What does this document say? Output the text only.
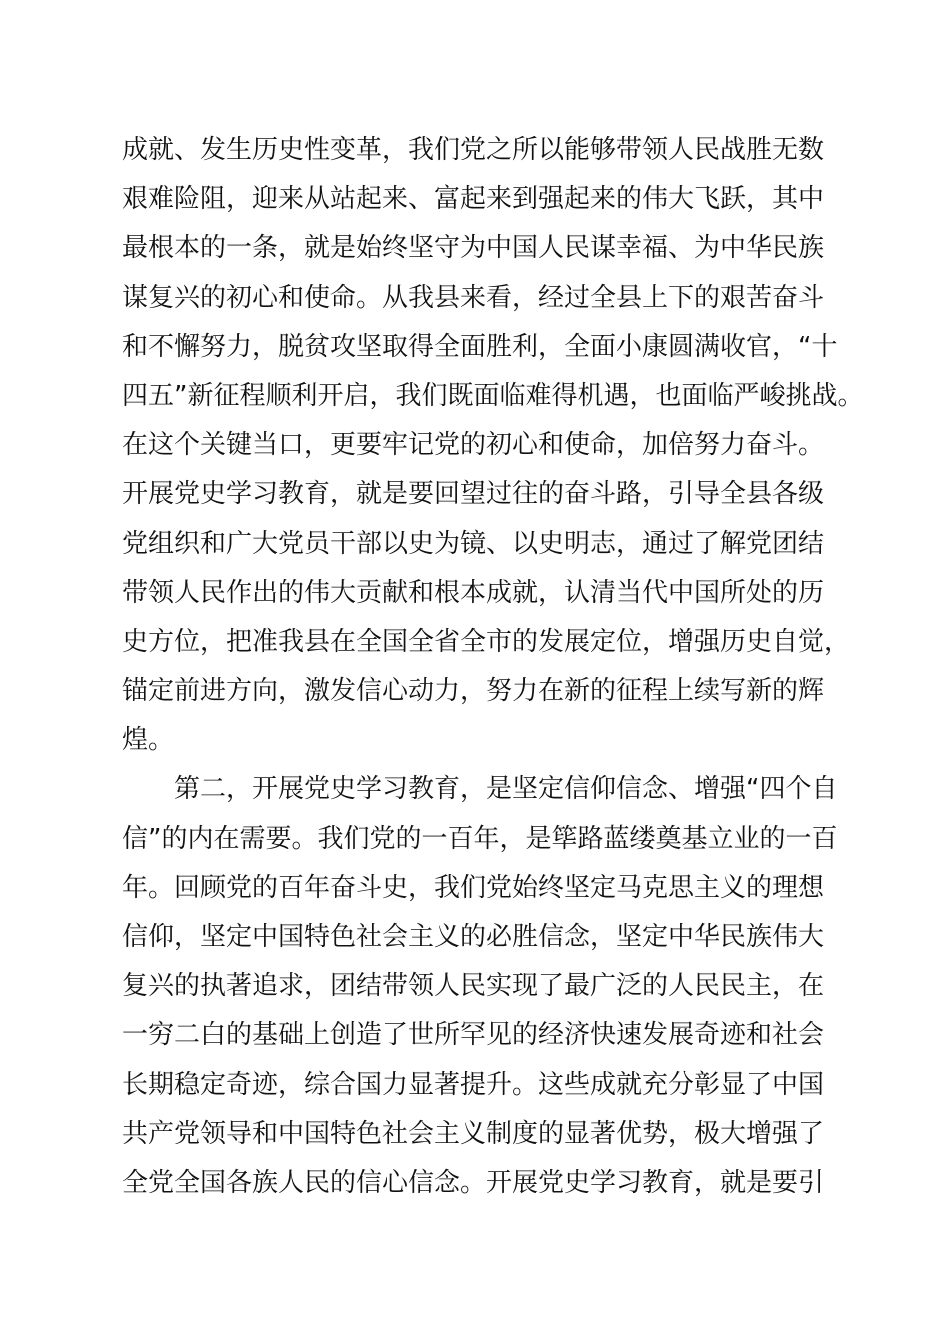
成就、发生历史性变革，我们党之所以能够带领人民战胜无数
艰难险阻，迎来从站起来、富起来到强起来的伟大飞跃，其中
最根本的一条，就是始终坚守为中国人民谋幸福、为中华民族
谋复兴的初心和使命。从我县来看，经过全县上下的艰苦奋斗
和不懈努力，脱贫攻坚取得全面胜利，全面小康圆满收官，“十
四五”新征程顺利开启，我们既面临难得机遇，也面临严峻挑战。
在这个关键当口，更要牢记党的初心和使命，加倍努力奋斗。
开展党史学习教育，就是要回望过往的奋斗路，引导全县各级
党组织和广大党员干部以史为镜、以史明志，通过了解党团结
带领人民作出的伟大贡献和根本成就，认清当代中国所处的历
史方位，把准我县在全国全省全市的发展定位，增强历史自觉，
锚定前进方向，激发信心动力，努力在新的征程上续写新的辉
煌。
第二，开展党史学习教育，是坚定信仰信念、增强“四个自
信”的内在需要。我们党的一百年，是筚路蓝缕奠基立业的一百
年。回顾党的百年奋斗史，我们党始终坚定马克思主义的理想
信仰，坚定中国特色社会主义的必胜信念，坚定中华民族伟大
复兴的执著追求，团结带领人民实现了最广泛的人民民主，在
一穷二白的基础上创造了世所罕见的经济快速发展奇迹和社会
长期稳定奇迹，综合国力显著提升。这些成就充分彰显了中国
共产党领导和中国特色社会主义制度的显著优势，极大增强了
全党全国各族人民的信心信念。开展党史学习教育，就是要引
